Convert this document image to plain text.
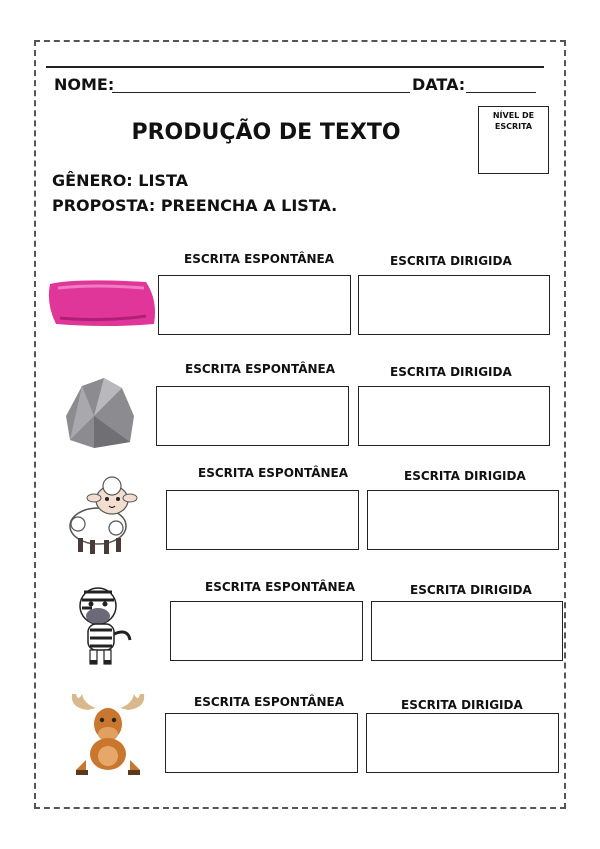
NOME:	DATA:
NÍVEL DE
ESCRITA
PRODUÇÃO DE TEXTO
GÊNERO: LISTA
PROPOSTA: PREENCHA A LISTA.
ESCRITA ESPONTÂNEA	ESCRITA DIRIGIDA
ESCRITA ESPONTÂNEA	ESCRITA DIRIGIDA
ESCRITA ESPONTÂNEA	ESCRITA DIRIGIDA
ESCRITA ESPONTÂNEA	ESCRITA DIRIGIDA
ESCRITA ESPONTÂNEA	ESCRITA DIRIGIDA
